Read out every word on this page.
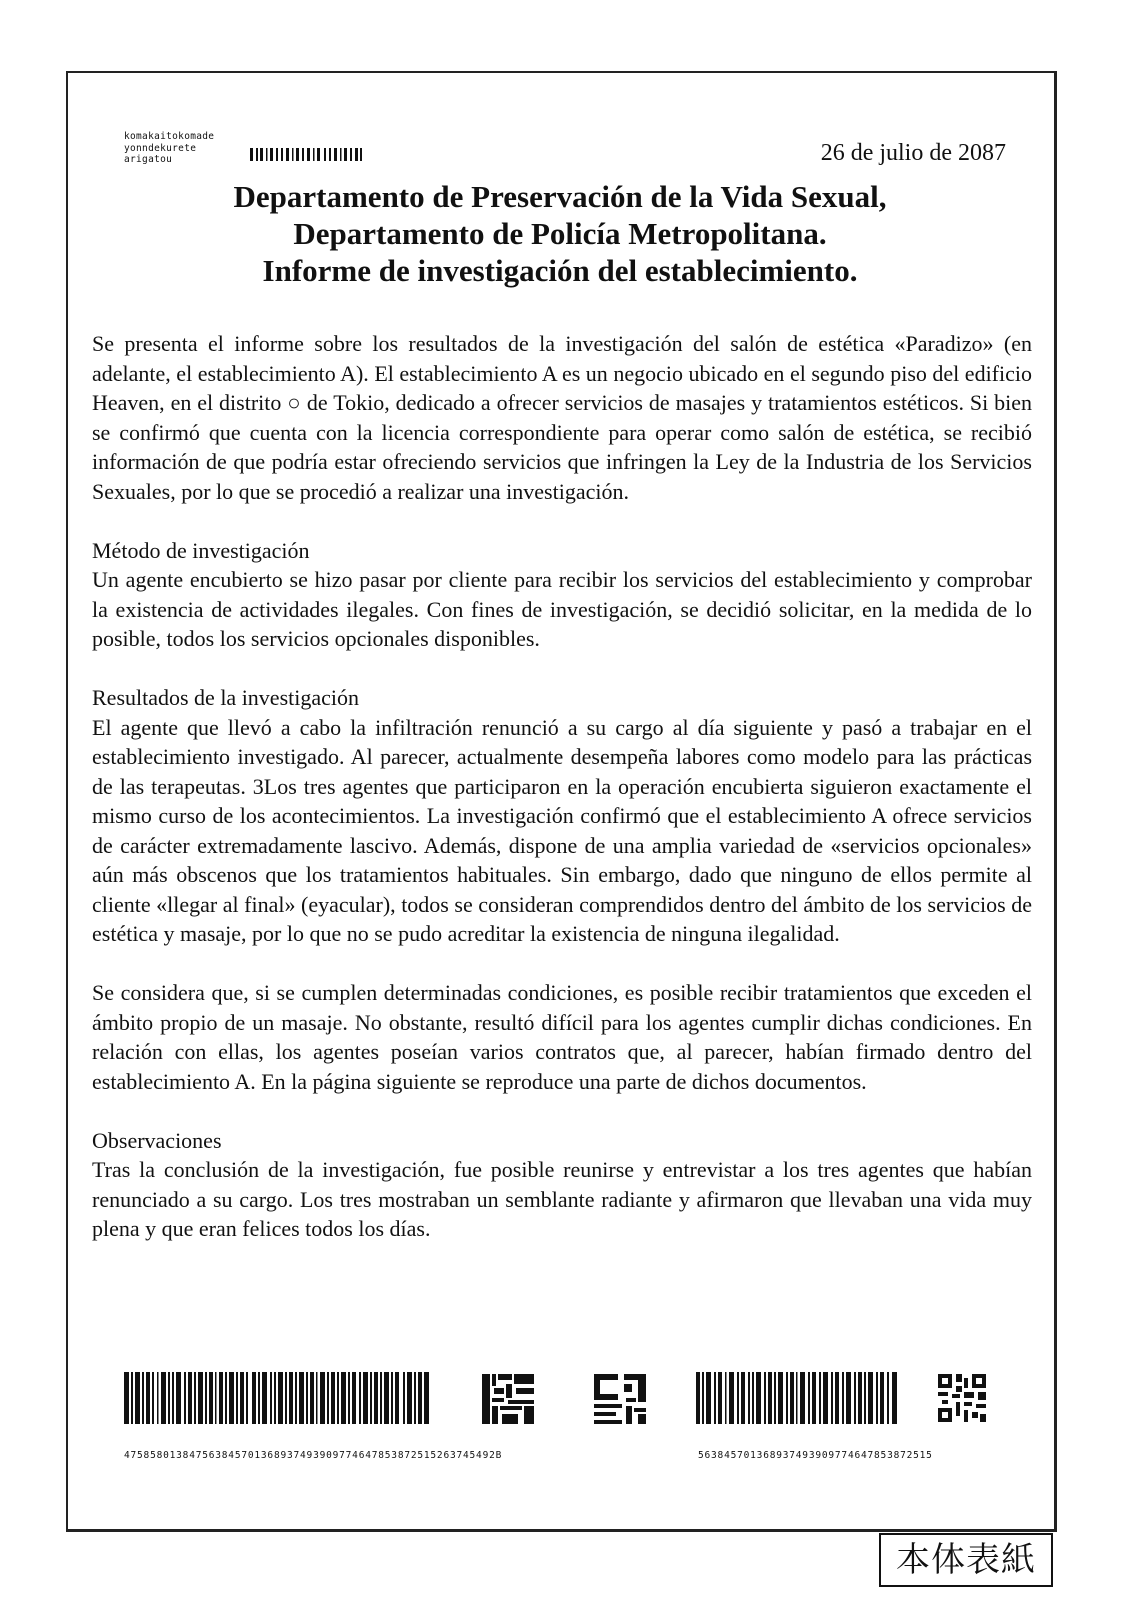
komakaitokomade
yonndekurete
arigatou	26 de julio de 2087
Departamento de Preservación de la Vida Sexual,
Departamento de Policía Metropolitana.
Informe de investigación del establecimiento.

Se presenta el informe sobre los resultados de la investigación del salón de estética «Paradizo» (en adelante, el establecimiento A). El establecimiento A es un negocio ubicado en el segundo piso del edificio Heaven, en el distrito ○ de Tokio, dedicado a ofrecer servicios de masajes y tratamientos estéticos. Si bien se confirmó que cuenta con la licencia correspondiente para operar como salón de estética, se recibió información de que podría estar ofreciendo servicios que infringen la Ley de la Industria de los Servicios Sexuales, por lo que se procedió a realizar una investigación.

Método de investigación
Un agente encubierto se hizo pasar por cliente para recibir los servicios del establecimiento y comprobar la existencia de actividades ilegales. Con fines de investigación, se decidió solicitar, en la medida de lo posible, todos los servicios opcionales disponibles.

Resultados de la investigación
El agente que llevó a cabo la infiltración renunció a su cargo al día siguiente y pasó a trabajar en el establecimiento investigado. Al parecer, actualmente desempeña labores como modelo para las prácticas de las terapeutas. 3Los tres agentes que participaron en la operación encubierta siguieron exactamente el mismo curso de los acontecimientos. La investigación confirmó que el establecimiento A ofrece servicios de carácter extremadamente lascivo. Además, dispone de una amplia variedad de «servicios opcionales» aún más obscenos que los tratamientos habituales. Sin embargo, dado que ninguno de ellos permite al cliente «llegar al final» (eyacular), todos se consideran comprendidos dentro del ámbito de los servicios de estética y masaje, por lo que no se pudo acreditar la existencia de ninguna ilegalidad.

Se considera que, si se cumplen determinadas condiciones, es posible recibir tratamientos que exceden el ámbito propio de un masaje. No obstante, resultó difícil para los agentes cumplir dichas condiciones. En relación con ellas, los agentes poseían varios contratos que, al parecer, habían firmado dentro del establecimiento A. En la página siguiente se reproduce una parte de dichos documentos.

Observaciones
Tras la conclusión de la investigación, fue posible reunirse y entrevistar a los tres agentes que habían renunciado a su cargo. Los tres mostraban un semblante radiante y afirmaron que llevaban una vida muy plena y que eran felices todos los días.

475858013847563845701368937493909774647853872515263745492B	563845701368937493909774647853872515
本体表紙
